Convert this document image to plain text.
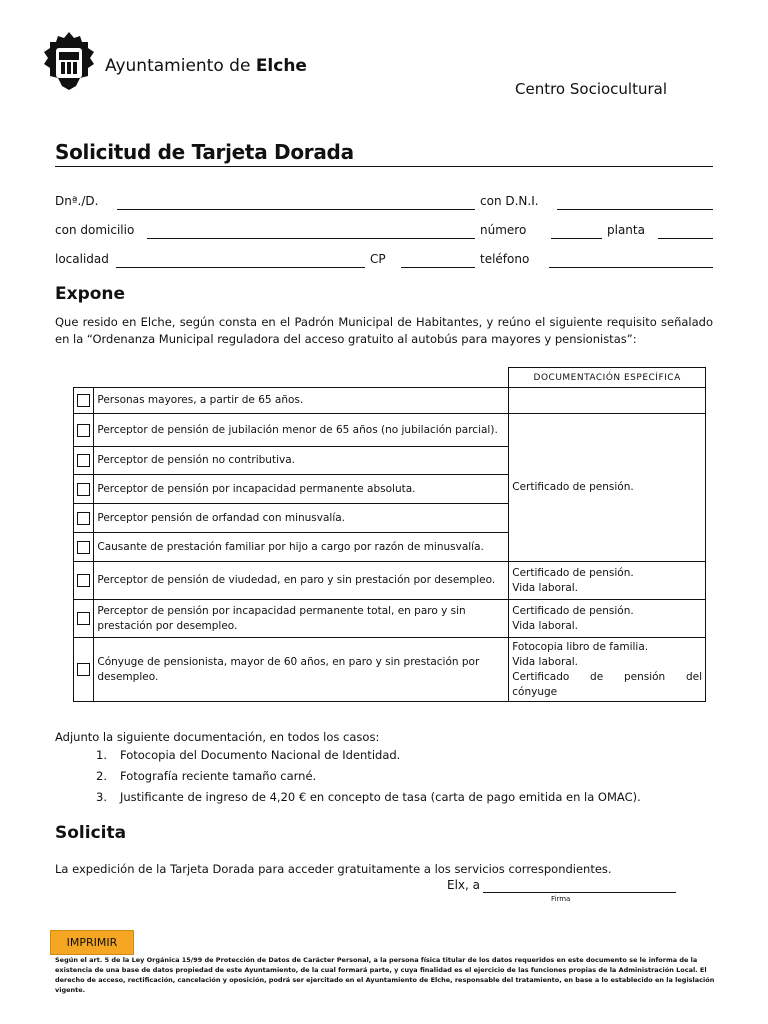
Ayuntamiento de Elche
Centro Sociocultural
Solicitud de Tarjeta Dorada
Dnª./D.	con D.N.I.
con domicilio	número	planta
localidad	CP	teléfono
Expone
Que resido en Elche, según consta en el Padrón Municipal de Habitantes, y reúno el siguiente requisito señalado en la “Ordenanza Municipal reguladora del acceso gratuito al autobús para mayores y pensionistas”:
		DOCUMENTACIÓN ESPECÍFICA
	Personas mayores, a partir de 65 años.	
	Perceptor de pensión de jubilación menor de 65 años (no jubilación parcial).	Certificado de pensión.
	Perceptor de pensión no contributiva.	
	Perceptor de pensión por incapacidad permanente absoluta.	
	Perceptor pensión de orfandad con minusvalía.	
	Causante de prestación familiar por hijo a cargo por razón de minusvalía.	
	Perceptor de pensión de viudedad, en paro y sin prestación por desempleo.	Certificado de pensión.
Vida laboral.

	Perceptor de pensión por incapacidad permanente total, en paro y sin prestación por desempleo.	Certificado de pensión.
Vida laboral.

	Cónyuge de pensionista, mayor de 60 años, en paro y sin prestación por desempleo.	Fotocopia libro de familia.
Vida laboral.
Certificado de pensión del
cónyuge
Adjunto la siguiente documentación, en todos los casos:
1. Fotocopia del Documento Nacional de Identidad.
2. Fotografía reciente tamaño carné.
3. Justificante de ingreso de 4,20 € en concepto de tasa (carta de pago emitida en la OMAC).
Solicita
La expedición de la Tarjeta Dorada para acceder gratuitamente a los servicios correspondientes.
Elx, a
Firma
IMPRIMIR
Según el art. 5 de la Ley Orgánica 15/99 de Protección de Datos de Carácter Personal, a la persona física titular de los datos requeridos en este documento se le informa de la existencia de una base de datos propiedad de este Ayuntamiento, de la cual formará parte, y cuya finalidad es el ejercicio de las funciones propias de la Administración Local. El derecho de acceso, rectificación, cancelación y oposición, podrá ser ejercitado en el Ayuntamiento de Elche, responsable del tratamiento, en base a lo establecido en la legislación vigente.
